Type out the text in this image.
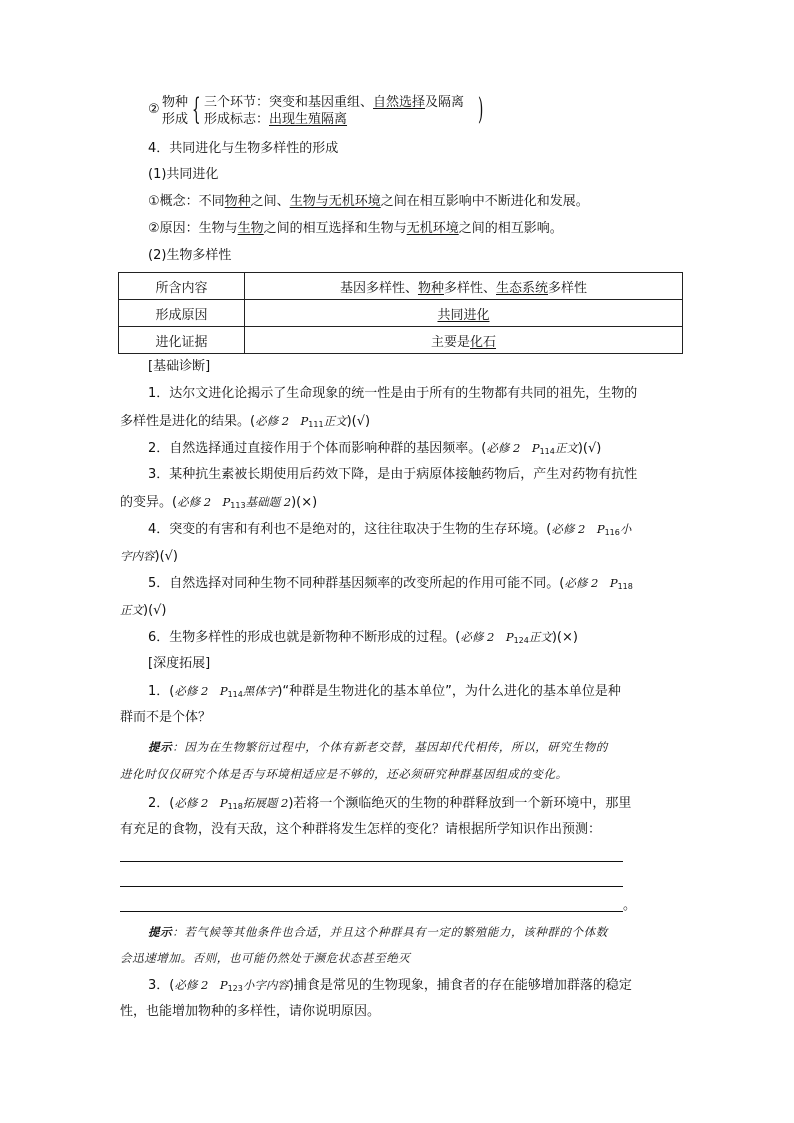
② 物种
形成 { 三个环节：突变和基因重组、自然选择及隔离
形成标志：出现生殖隔离	)
4．共同进化与生物多样性的形成
(1)共同进化
①概念：不同物种之间、生物与无机环境之间在相互影响中不断进化和发展。
②原因：生物与生物之间的相互选择和生物与无机环境之间的相互影响。
(2)生物多样性
所含内容	基因多样性、物种多样性、生态系统多样性
形成原因	共同进化
进化证据	主要是化石
[基础诊断]
1．达尔文进化论揭示了生命现象的统一性是由于所有的生物都有共同的祖先，生物的
多样性是进化的结果。(必修 2　$P_{111}$正文)(√)
2．自然选择通过直接作用于个体而影响种群的基因频率。(必修 2　$P_{114}$正文)(√)
3．某种抗生素被长期使用后药效下降，是由于病原体接触药物后，产生对药物有抗性
的变异。(必修 2　$P_{113}$基础题 2)(×)
4．突变的有害和有利也不是绝对的，这往往取决于生物的生存环境。(必修 2　$P_{116}$小
字内容)(√)
5．自然选择对同种生物不同种群基因频率的改变所起的作用可能不同。(必修 2　$P_{118}$
正文)(√)
6．生物多样性的形成也就是新物种不断形成的过程。(必修 2　$P_{124}$正文)(×)
[深度拓展]
1．(必修 2　$P_{114}$黑体字)“种群是生物进化的基本单位”，为什么进化的基本单位是种
群而不是个体？
提示：因为在生物繁衍过程中，个体有新老交替，基因却代代相传，所以，研究生物的
进化时仅仅研究个体是否与环境相适应是不够的，还必须研究种群基因组成的变化。
2．(必修 2　$P_{118}$拓展题 2)若将一个濒临绝灭的生物的种群释放到一个新环境中，那里
有充足的食物，没有天敌，这个种群将发生怎样的变化？请根据所学知识作出预测：
。
提示：若气候等其他条件也合适，并且这个种群具有一定的繁殖能力，该种群的个体数
会迅速增加。否则，也可能仍然处于濒危状态甚至绝灭
3．(必修 2　$P_{123}$小字内容)捕食是常见的生物现象，捕食者的存在能够增加群落的稳定
性，也能增加物种的多样性，请你说明原因。
